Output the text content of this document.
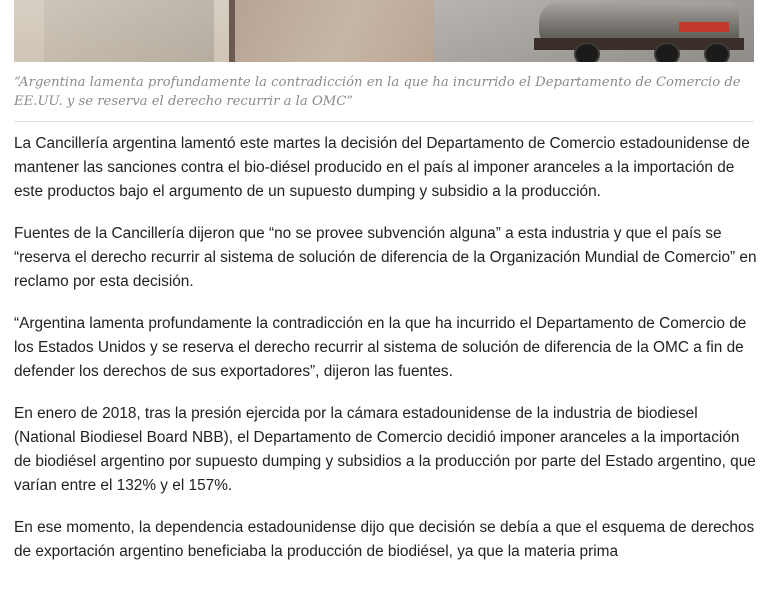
“Argentina lamenta profundamente la contradicción en la que ha incurrido el Departamento de Comercio de EE.UU. y se reserva el derecho recurrir a la OMC”

La Cancillería argentina lamentó este martes la decisión del Departamento de Comercio estadounidense de mantener las sanciones contra el bio-diésel producido en el país al imponer aranceles a la importación de este productos bajo el argumento de un supuesto dumping y subsidio a la producción.

Fuentes de la Cancillería dijeron que “no se provee subvención alguna” a esta industria y que el país se “reserva el derecho recurrir al sistema de solución de diferencia de la Organización Mundial de Comercio” en reclamo por esta decisión.

“Argentina lamenta profundamente la contradicción en la que ha incurrido el Departamento de Comercio de los Estados Unidos y se reserva el derecho recurrir al sistema de solución de diferencia de la OMC a fin de defender los derechos de sus exportadores”, dijeron las fuentes.

En enero de 2018, tras la presión ejercida por la cámara estadounidense de la industria de biodiesel (National Biodiesel Board NBB), el Departamento de Comercio decidió imponer aranceles a la importación de biodiésel argentino por supuesto dumping y subsidios a la producción por parte del Estado argentino, que varían entre el 132% y el 157%.

En ese momento, la dependencia estadounidense dijo que decisión se debía a que el esquema de derechos de exportación argentino beneficiaba la producción de biodiésel, ya que la materia prima
